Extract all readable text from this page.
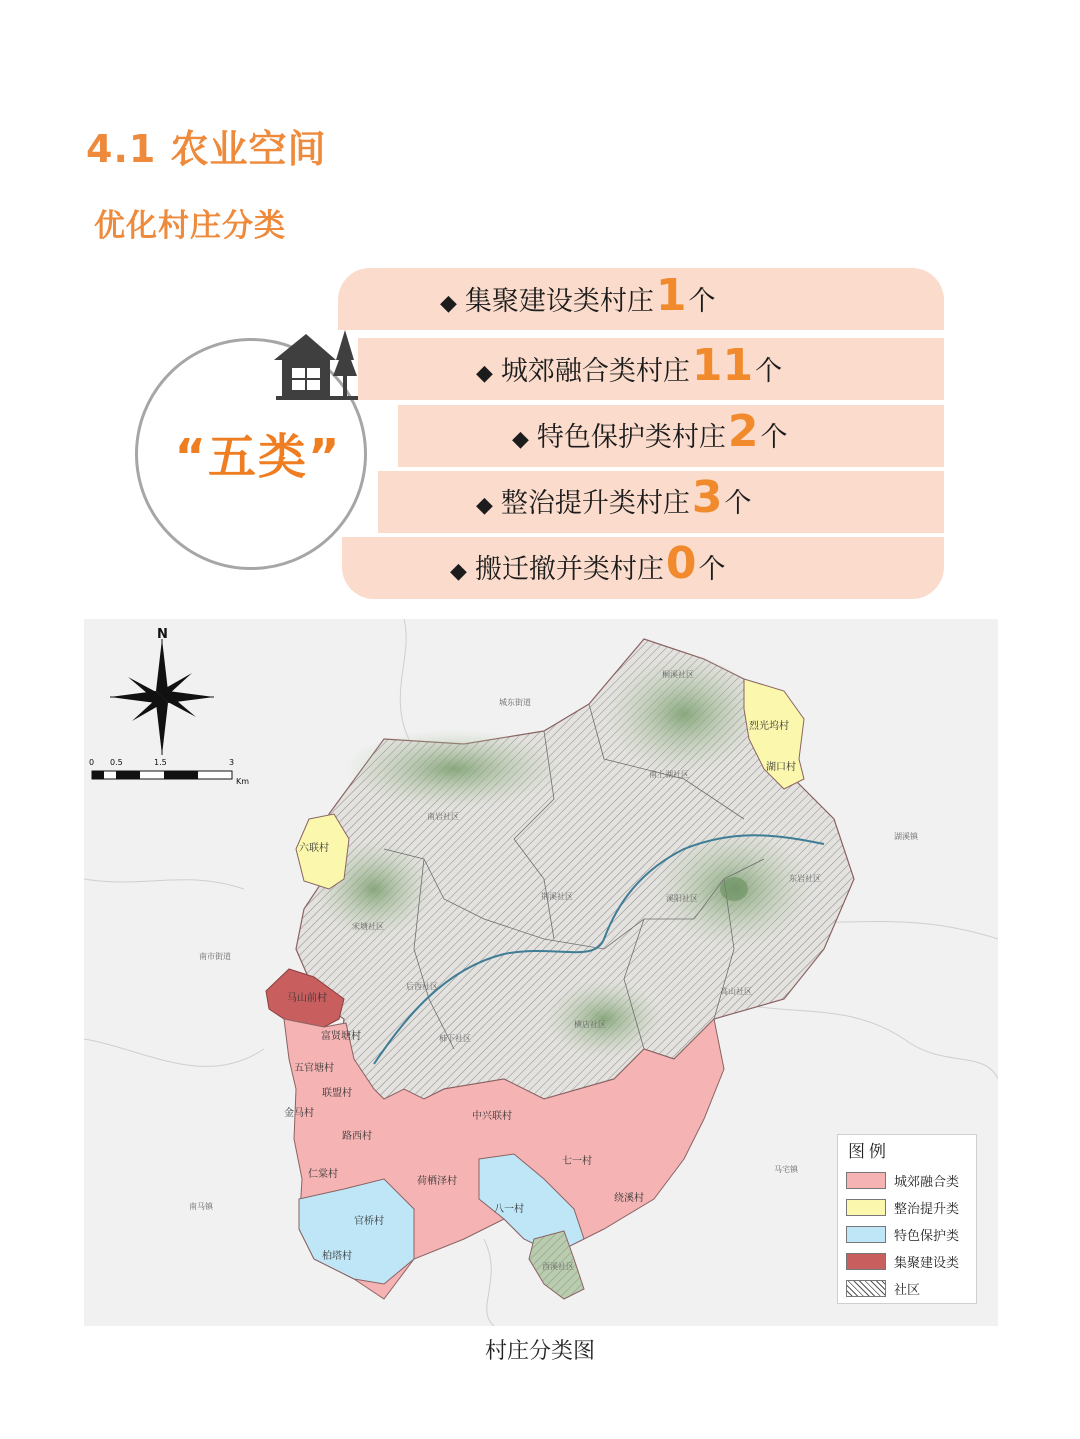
4.1 农业空间
优化村庄分类
“五类”
◆ 集聚建设类村庄 1 个
◆ 城郊融合类村庄 11 个
◆ 特色保护类村庄 2 个
◆ 整治提升类村庄 3 个
◆ 搬迁撤并类村庄 0 个
城东街道
湖溪镇
南市街道
马宅镇
南马镇
桐溪社区
南上湖社区
南岩社区
荆溪社区	溪阳社区
东岩社区
宋塘社区
后西社区
柿下社区
横店社区
高山社区
西溪社区
烈光坞村
湖口村
六联村
马山前村
富贤塘村
五官塘村
联盟村
金马村
路西村
仁棠村
官桥村
柏塔村
荷栖泽村
中兴联村
八一村
七一村
绕溪村
0 0.5	1.5	3
Km
N
图例
城郊融合类
整治提升类
特色保护类
集聚建设类
社区
村庄分类图
